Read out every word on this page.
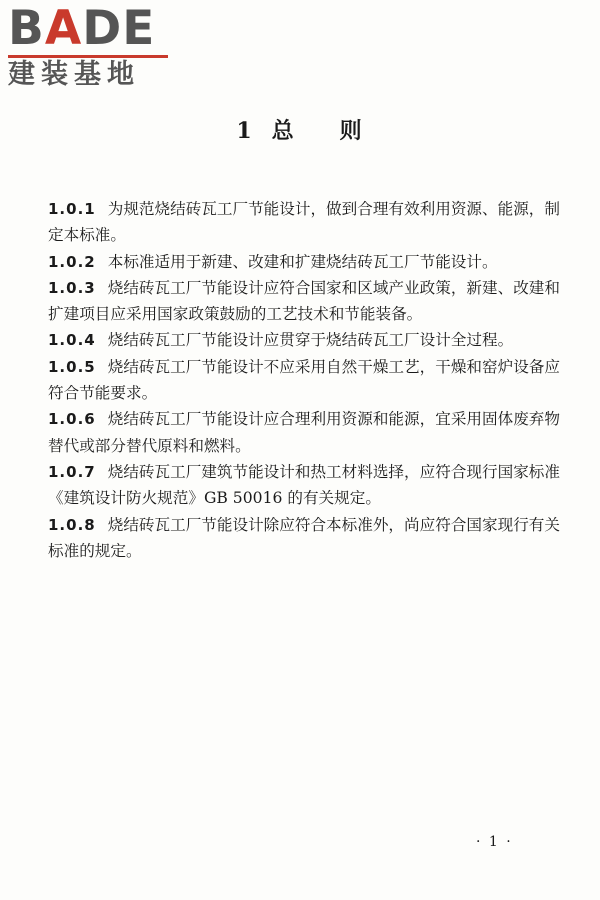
BADE
建装基地
1 总 则

1.0.1 为规范烧结砖瓦工厂节能设计，做到合理有效利用资源、能源，制定本标准。

1.0.2 本标准适用于新建、改建和扩建烧结砖瓦工厂节能设计。

1.0.3 烧结砖瓦工厂节能设计应符合国家和区域产业政策，新建、改建和扩建项目应采用国家政策鼓励的工艺技术和节能装备。

1.0.4 烧结砖瓦工厂节能设计应贯穿于烧结砖瓦工厂设计全过程。

1.0.5 烧结砖瓦工厂节能设计不应采用自然干燥工艺，干燥和窑炉设备应符合节能要求。

1.0.6 烧结砖瓦工厂节能设计应合理利用资源和能源，宜采用固体废弃物替代或部分替代原料和燃料。

1.0.7 烧结砖瓦工厂建筑节能设计和热工材料选择，应符合现行国家标准《建筑设计防火规范》GB 50016 的有关规定。

1.0.8 烧结砖瓦工厂节能设计除应符合本标准外，尚应符合国家现行有关标准的规定。

· 1 ·
